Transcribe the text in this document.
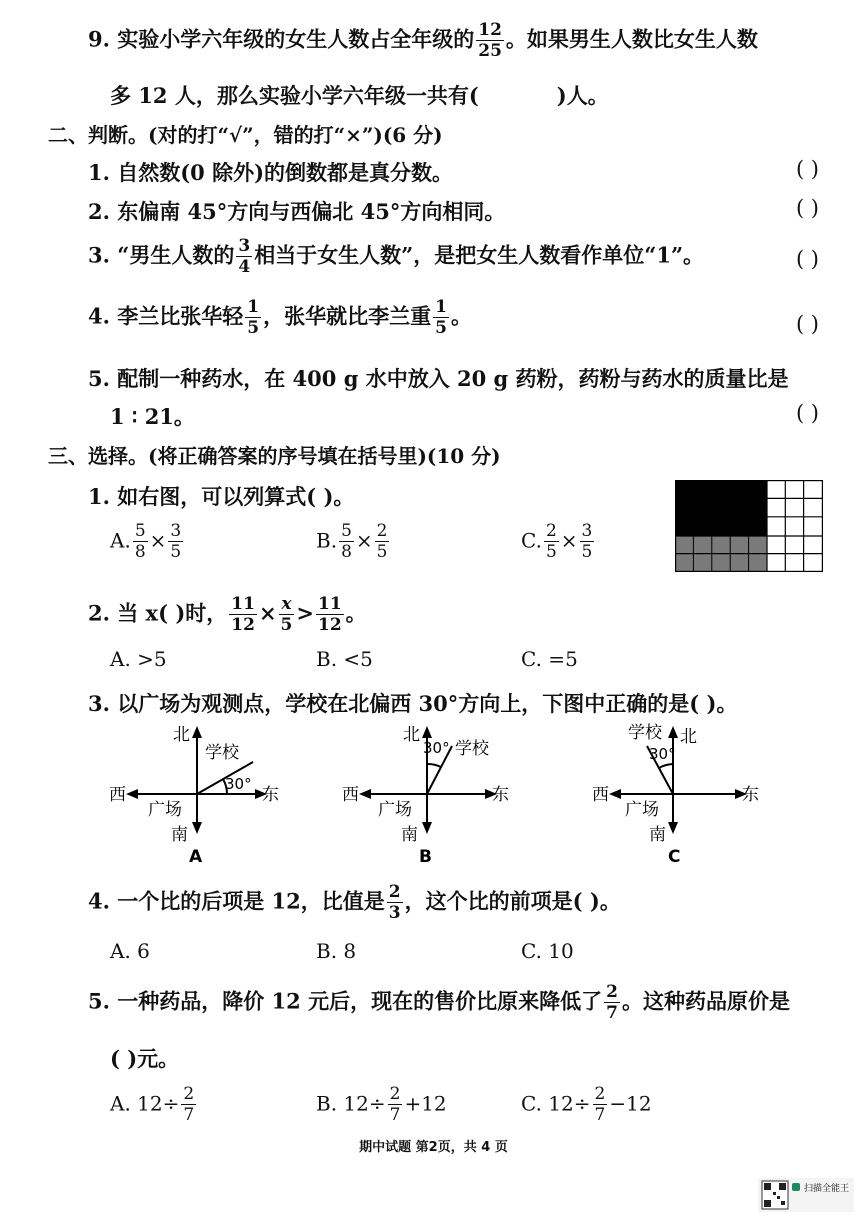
9. 实验小学六年级的女生人数占全年级的 $\frac{12}{25}$ 。如果男生人数比女生人数
多 12 人，那么实验小学六年级一共有(	)人。
二、判断。(对的打“√”，错的打“×”)(6 分)
1. 自然数(0 除外)的倒数都是真分数。	( )
2. 东偏南 45°方向与西偏北 45°方向相同。	( )
3. “男生人数的 $\frac{3}{4}$ 相当于女生人数”，是把女生人数看作单位“1”。	( )
4. 李兰比张华轻 $\frac{1}{5}$ ，张华就比李兰重 $\frac{1}{5}$ 。	( )
5. 配制一种药水，在 400 g 水中放入 20 g 药粉，药粉与药水的质量比是
1 ∶ 21。	( )
三、选择。(将正确答案的序号填在括号里)(10 分)
1. 如右图，可以列算式( )。
A. $\frac{5}{8} \times \frac{3}{5}$	B. $\frac{5}{8} \times \frac{2}{5}$	C. $\frac{2}{5} \times \frac{3}{5}$
2. 当 x( )时， $\frac{11}{12} \times \frac{x}{5} > \frac{11}{12}$ 。
A. >5	B. <5	C. =5
3. 以广场为观测点，学校在北偏西 30°方向上，下图中正确的是( )。
北
学校
30°
西	东
广场
南
A
北
30° 学校
西	东
广场
南
B
学校 北
30°
西	东
广场
南
C
4. 一个比的后项是 12，比值是 $\frac{2}{3}$ ，这个比的前项是( )。
A. 6	B. 8	C. 10
5. 一种药品，降价 12 元后，现在的售价比原来降低了 $\frac{2}{7}$ 。这种药品原价是
( )元。
A. $12\div \frac{2}{7}$	B. $12\div \frac{2}{7} +12$	C. $12\div \frac{2}{7} -12$
期中试题 第2页，共 4 页
扫描全能王
